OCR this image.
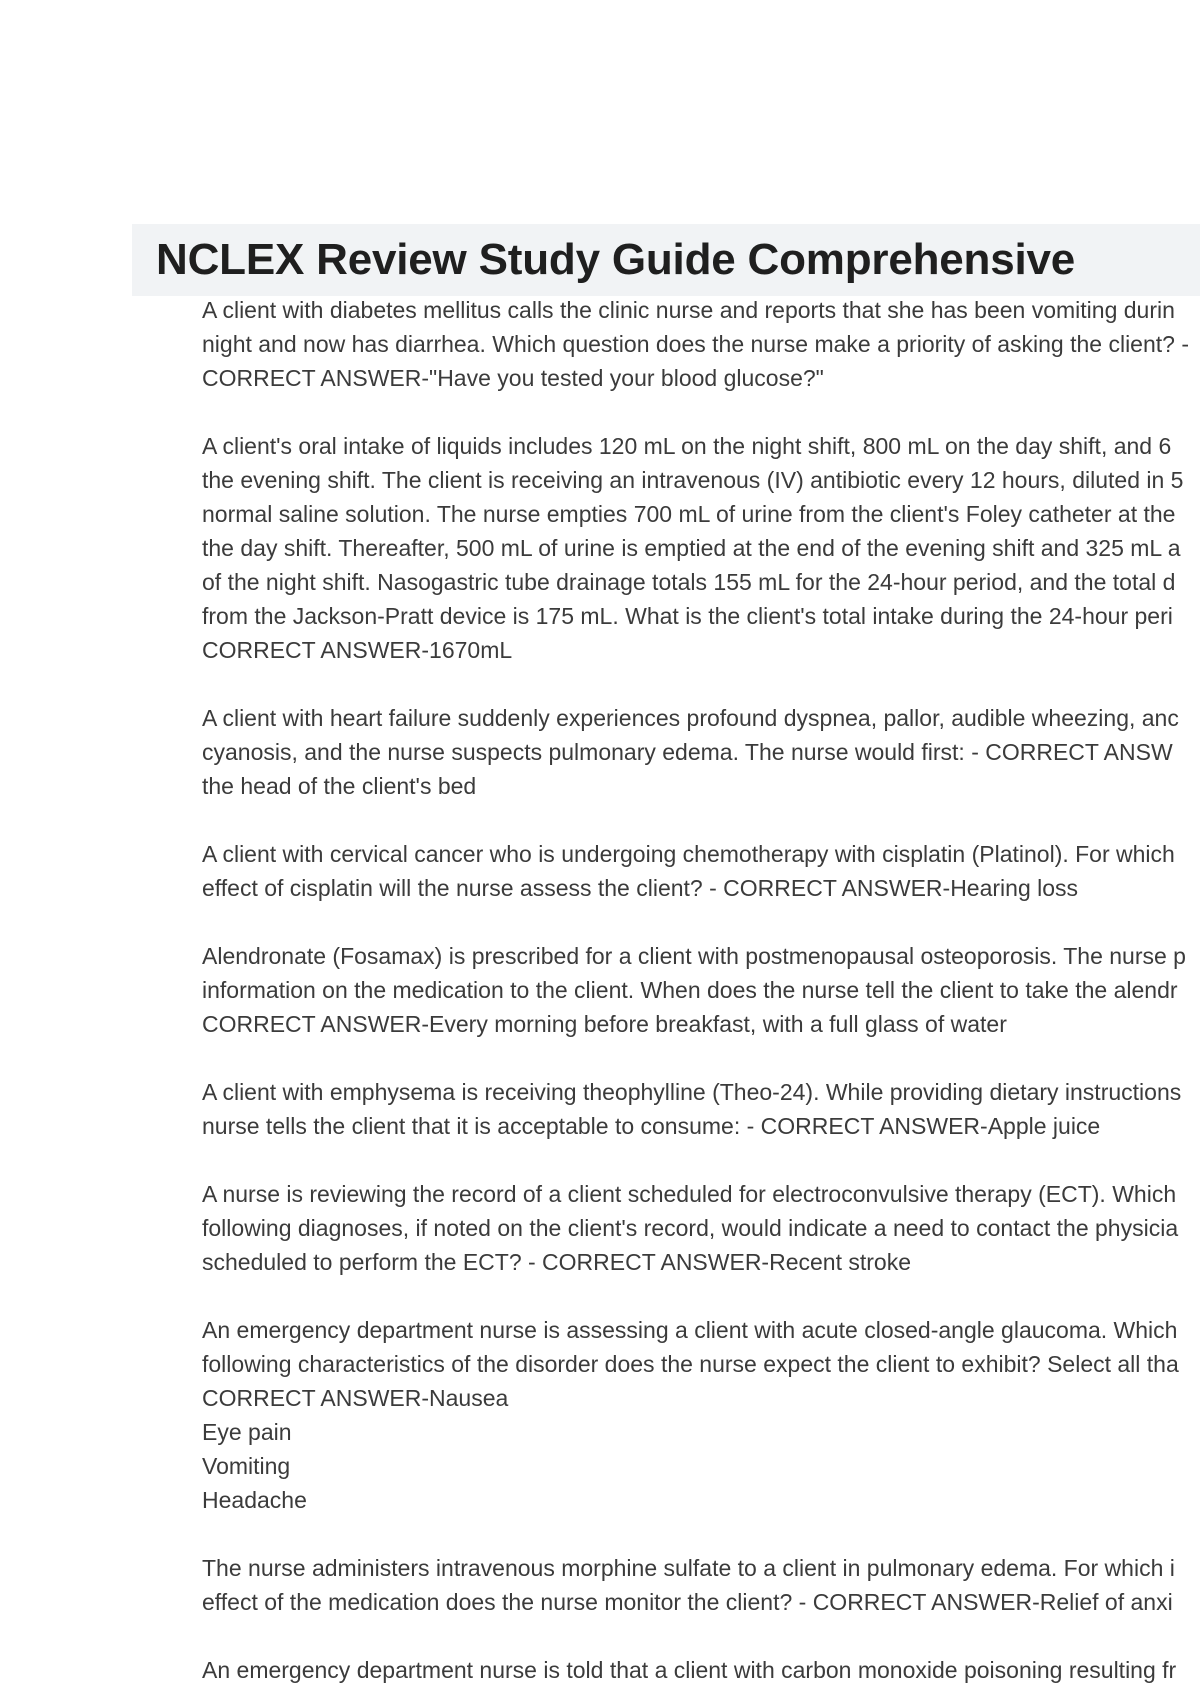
NCLEX Review Study Guide Comprehensive
A client with diabetes mellitus calls the clinic nurse and reports that she has been vomiting durin
night and now has diarrhea. Which question does the nurse make a priority of asking the client? -
CORRECT ANSWER-"Have you tested your blood glucose?"
A client's oral intake of liquids includes 120 mL on the night shift, 800 mL on the day shift, and 6
the evening shift. The client is receiving an intravenous (IV) antibiotic every 12 hours, diluted in 5
normal saline solution. The nurse empties 700 mL of urine from the client's Foley catheter at the
the day shift. Thereafter, 500 mL of urine is emptied at the end of the evening shift and 325 mL a
of the night shift. Nasogastric tube drainage totals 155 mL for the 24-hour period, and the total d
from the Jackson-Pratt device is 175 mL. What is the client's total intake during the 24-hour peri
CORRECT ANSWER-1670mL
A client with heart failure suddenly experiences profound dyspnea, pallor, audible wheezing, anc
cyanosis, and the nurse suspects pulmonary edema. The nurse would first: - CORRECT ANSW
the head of the client's bed
A client with cervical cancer who is undergoing chemotherapy with cisplatin (Platinol). For which
effect of cisplatin will the nurse assess the client? - CORRECT ANSWER-Hearing loss
Alendronate (Fosamax) is prescribed for a client with postmenopausal osteoporosis. The nurse p
information on the medication to the client. When does the nurse tell the client to take the alendr
CORRECT ANSWER-Every morning before breakfast, with a full glass of water
A client with emphysema is receiving theophylline (Theo-24). While providing dietary instructions
nurse tells the client that it is acceptable to consume: - CORRECT ANSWER-Apple juice
A nurse is reviewing the record of a client scheduled for electroconvulsive therapy (ECT). Which
following diagnoses, if noted on the client's record, would indicate a need to contact the physicia
scheduled to perform the ECT? - CORRECT ANSWER-Recent stroke
An emergency department nurse is assessing a client with acute closed-angle glaucoma. Which
following characteristics of the disorder does the nurse expect the client to exhibit? Select all tha
CORRECT ANSWER-Nausea
Eye pain
Vomiting
Headache
The nurse administers intravenous morphine sulfate to a client in pulmonary edema. For which i
effect of the medication does the nurse monitor the client? - CORRECT ANSWER-Relief of anxi
An emergency department nurse is told that a client with carbon monoxide poisoning resulting fr
